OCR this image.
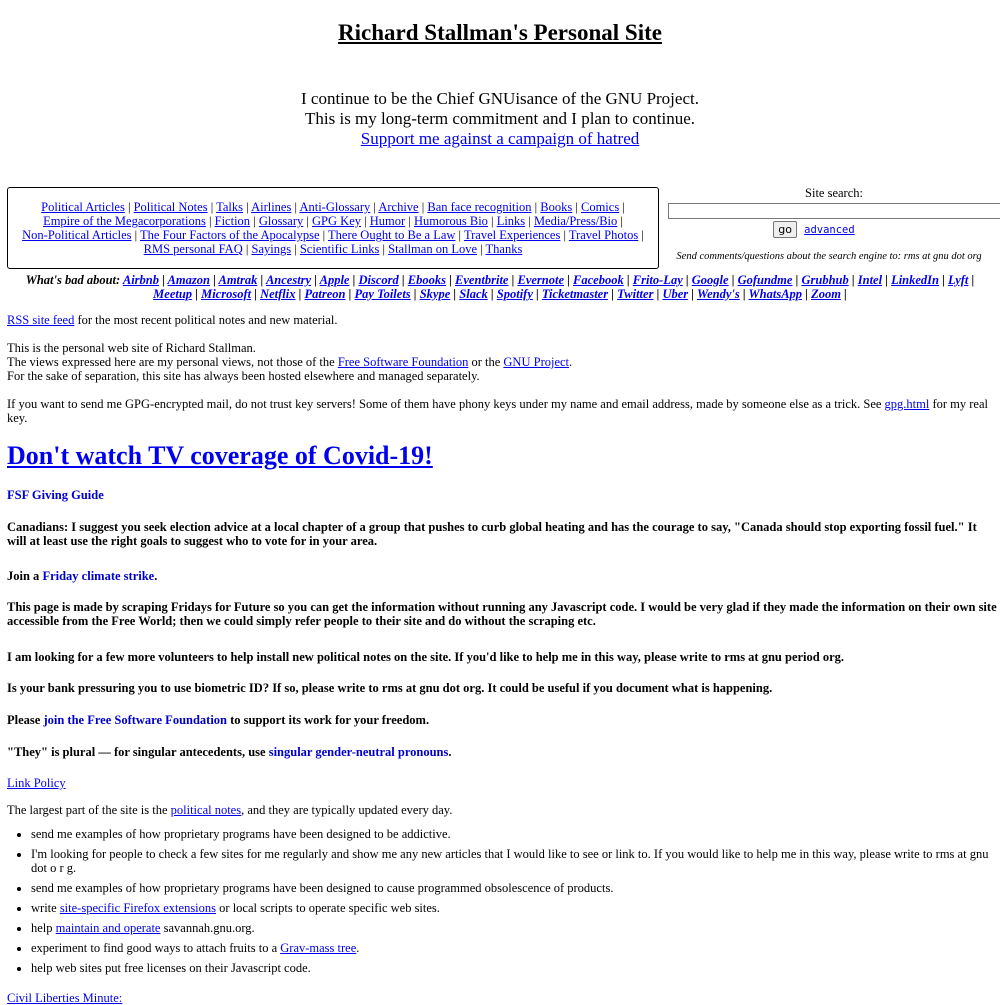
Richard Stallman's Personal Site
I continue to be the Chief GNUisance of the GNU Project.
This is my long-term commitment and I plan to continue.
Support me against a campaign of hatred
Political Articles | Political Notes | Talks | Airlines | Anti-Glossary | Archive | Ban face recognition | Books | Comics |
Empire of the Megacorporations | Fiction | Glossary | GPG Key | Humor | Humorous Bio | Links | Media/Press/Bio |
Non-Political Articles | The Four Factors of the Apocalypse | There Ought to Be a Law | Travel Experiences | Travel Photos |
RMS personal FAQ | Sayings | Scientific Links | Stallman on Love | Thanks
Site search:
go advanced
Send comments/questions about the search engine to: rms at gnu dot org
What's bad about: Airbnb | Amazon | Amtrak | Ancestry | Apple | Discord | Ebooks | Eventbrite | Evernote | Facebook | Frito-Lay | Google | Gofundme | Grubhub | Intel | LinkedIn | Lyft |
Meetup | Microsoft | Netflix | Patreon | Pay Toilets | Skype | Slack | Spotify | Ticketmaster | Twitter | Uber | Wendy's | WhatsApp | Zoom |

RSS site feed for the most recent political notes and new material.

This is the personal web site of Richard Stallman.
The views expressed here are my personal views, not those of the Free Software Foundation or the GNU Project.
For the sake of separation, this site has always been hosted elsewhere and managed separately.

If you want to send me GPG-encrypted mail, do not trust key servers! Some of them have phony keys under my name and email address, made by someone else as a trick. See gpg.html for my real key.

Don't watch TV coverage of Covid-19!

FSF Giving Guide

Canadians: I suggest you seek election advice at a local chapter of a group that pushes to curb global heating and has the courage to say, "Canada should stop exporting fossil fuel." It will at least use the right goals to suggest who to vote for in your area.

Join a Friday climate strike.

This page is made by scraping Fridays for Future so you can get the information without running any Javascript code. I would be very glad if they made the information on their own site accessible from the Free World; then we could simply refer people to their site and do without the scraping etc.

I am looking for a few more volunteers to help install new political notes on the site. If you'd like to help me in this way, please write to rms at gnu period org.

Is your bank pressuring you to use biometric ID? If so, please write to rms at gnu dot org. It could be useful if you document what is happening.

Please join the Free Software Foundation to support its work for your freedom.

"They" is plural — for singular antecedents, use singular gender-neutral pronouns.

Link Policy

The largest part of the site is the political notes, and they are typically updated every day.

• send me examples of how proprietary programs have been designed to be addictive.
• I'm looking for people to check a few sites for me regularly and show me any new articles that I would like to see or link to. If you would like to help me in this way, please write to rms at gnu dot o r g.
• send me examples of how proprietary programs have been designed to cause programmed obsolescence of products.
• write site-specific Firefox extensions or local scripts to operate specific web sites.
• help maintain and operate savannah.gnu.org.
• experiment to find good ways to attach fruits to a Grav-mass tree.
• help web sites put free licenses on their Javascript code.

Civil Liberties Minute:
